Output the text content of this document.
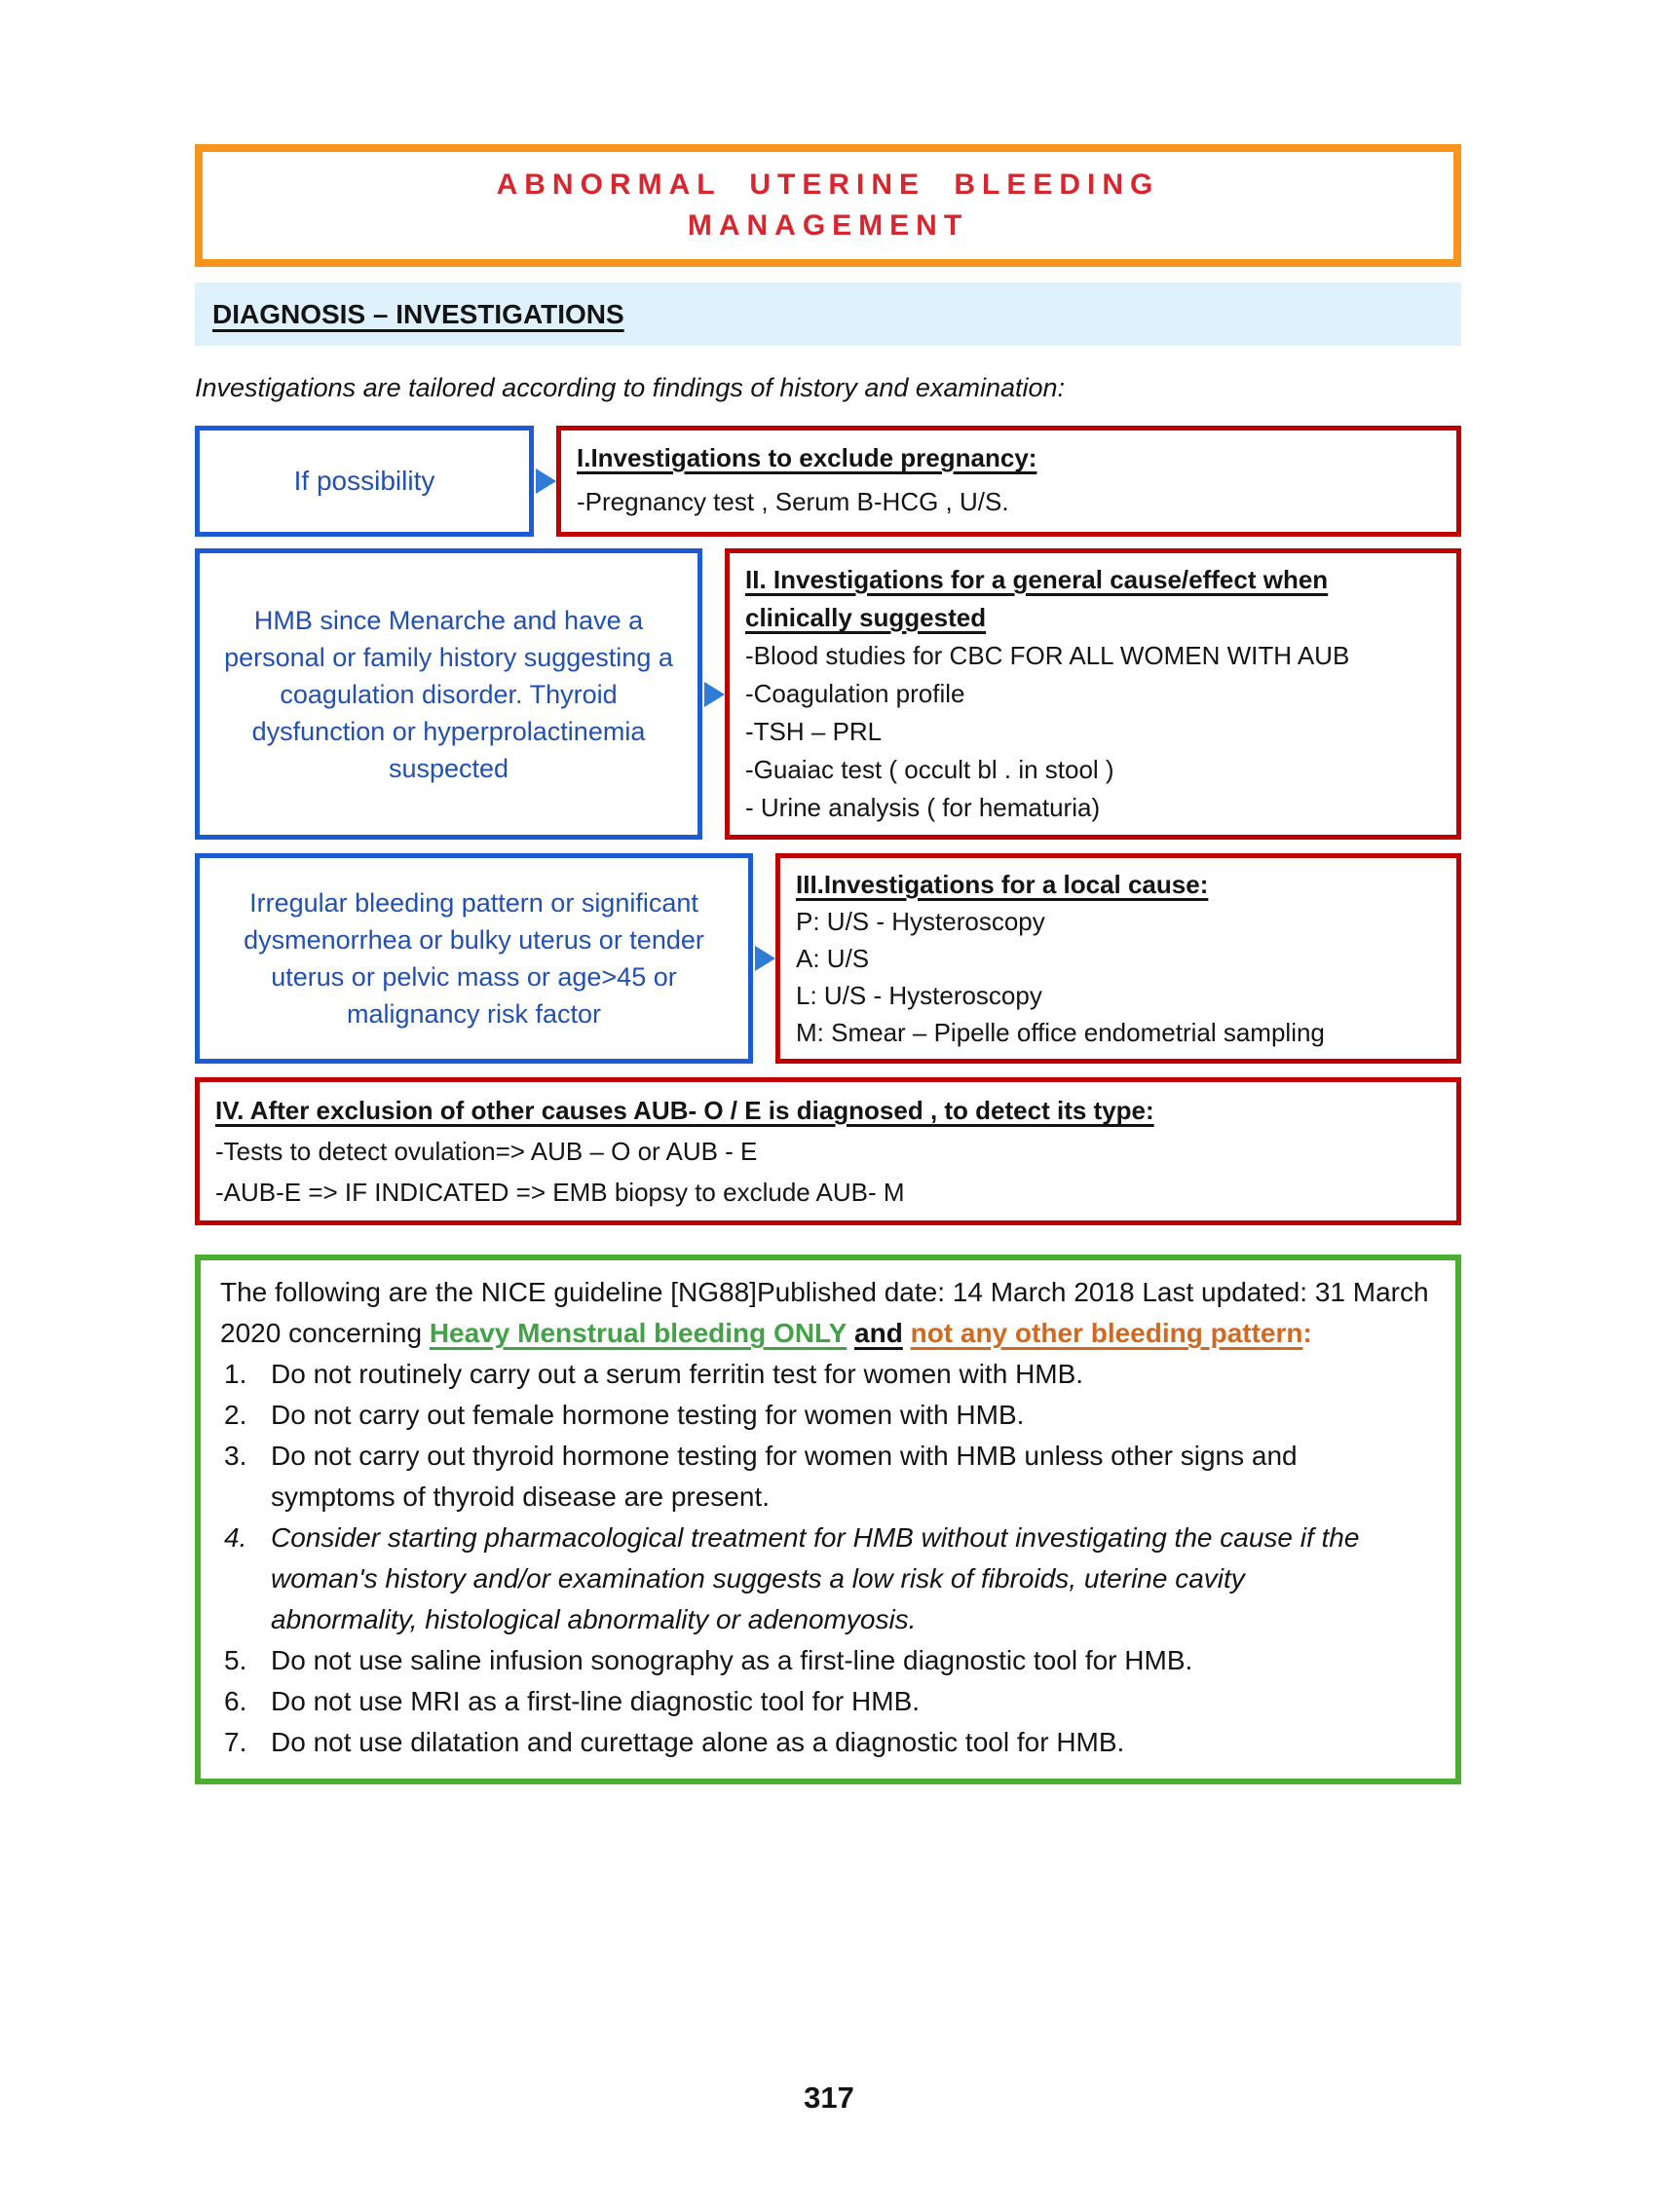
ABNORMAL UTERINE BLEEDING
MANAGEMENT
DIAGNOSIS – INVESTIGATIONS
Investigations are tailored according to findings of history and examination:
If possibility
I.Investigations to exclude pregnancy:
-Pregnancy test , Serum B-HCG , U/S.
HMB since Menarche and have a personal or family history suggesting a coagulation disorder. Thyroid dysfunction or hyperprolactinemia suspected
II. Investigations for a general cause/effect when clinically suggested
-Blood studies for CBC FOR ALL WOMEN WITH AUB
-Coagulation profile
-TSH – PRL
-Guaiac test ( occult bl . in stool )
- Urine analysis ( for hematuria)
Irregular bleeding pattern or significant dysmenorrhea or bulky uterus or tender uterus or pelvic mass or age>45 or malignancy risk factor
III.Investigations for a local cause:
P: U/S - Hysteroscopy
A: U/S
L: U/S - Hysteroscopy
M: Smear – Pipelle office endometrial sampling
IV. After exclusion of other causes AUB- O / E is diagnosed , to detect its type:
-Tests to detect ovulation=> AUB – O or AUB - E
-AUB-E => IF INDICATED => EMB biopsy to exclude AUB- M
The following are the NICE guideline [NG88]Published date: 14 March 2018 Last updated: 31 March 2020 concerning Heavy Menstrual bleeding ONLY and not any other bleeding pattern:
1. Do not routinely carry out a serum ferritin test for women with HMB.
2. Do not carry out female hormone testing for women with HMB.
3. Do not carry out thyroid hormone testing for women with HMB unless other signs and symptoms of thyroid disease are present.
4. Consider starting pharmacological treatment for HMB without investigating the cause if the woman's history and/or examination suggests a low risk of fibroids, uterine cavity abnormality, histological abnormality or adenomyosis.
5. Do not use saline infusion sonography as a first-line diagnostic tool for HMB.
6. Do not use MRI as a first-line diagnostic tool for HMB.
7. Do not use dilatation and curettage alone as a diagnostic tool for HMB.
317
